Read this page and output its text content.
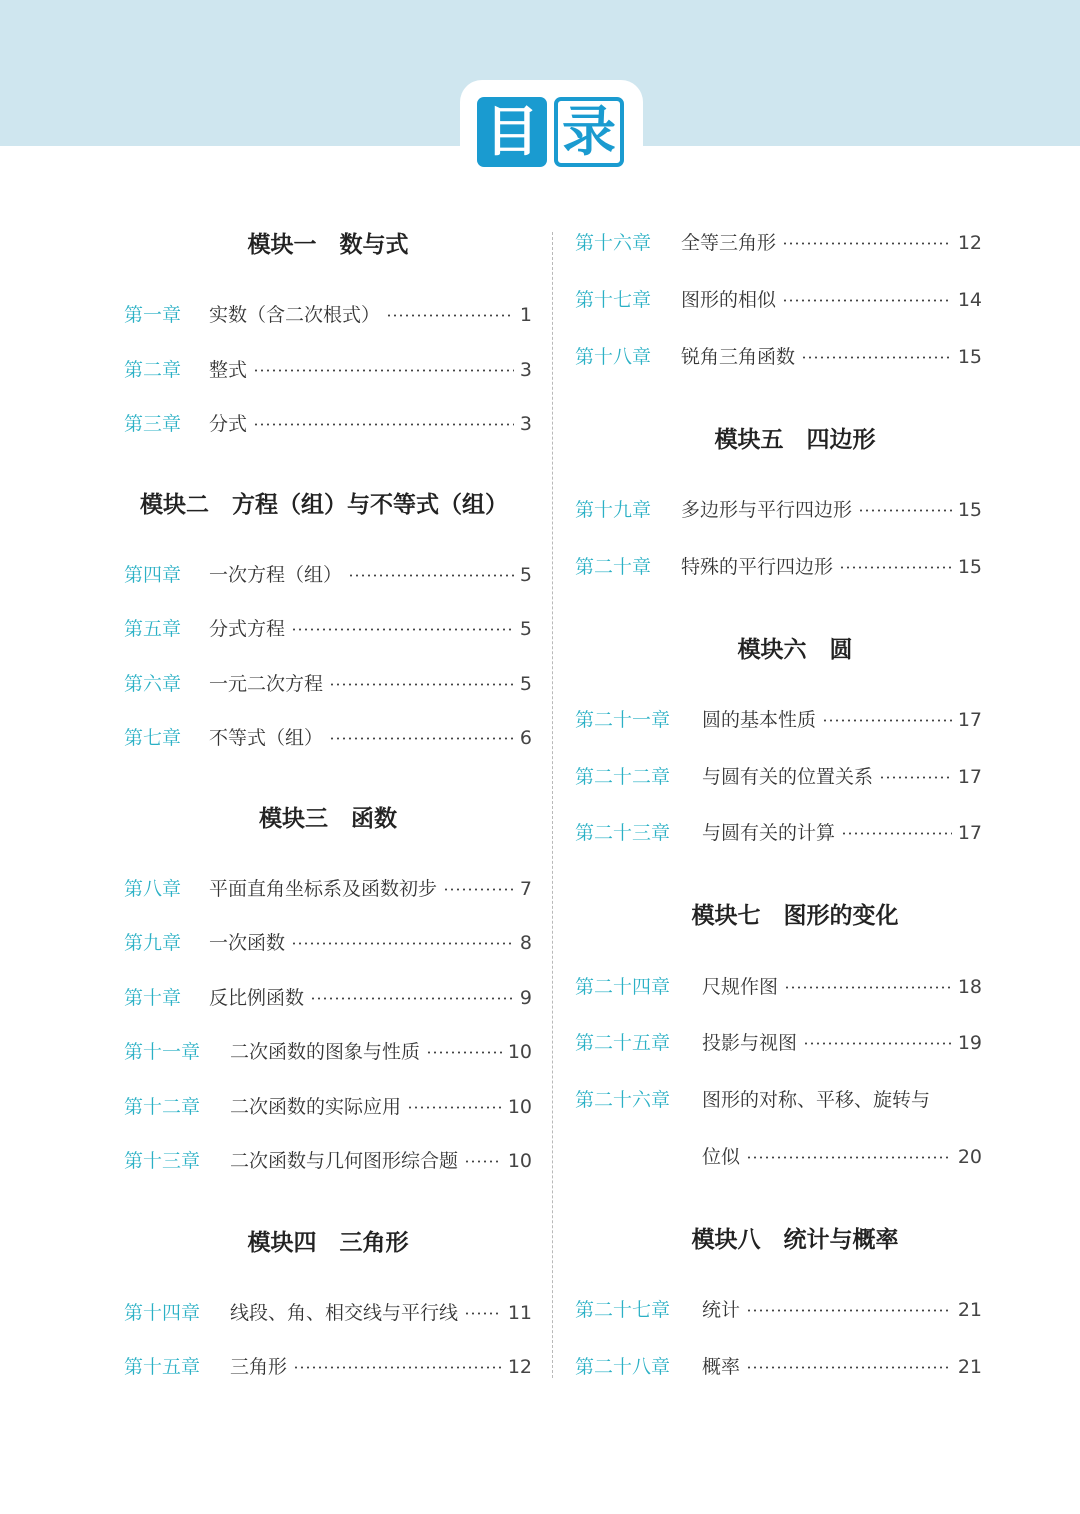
目 录
模块一　数与式
模块二　方程（组）与不等式（组）
模块三　函数
模块四　三角形
第一章	实数（含二次根式）	1
第二章	整式	3
第三章	分式	3
第四章	一次方程（组）	5
第五章	分式方程	5
第六章	一元二次方程	5
第七章	不等式（组）	6
第八章	平面直角坐标系及函数初步	7
第九章	一次函数	8
第十章	反比例函数	9
第十一章	二次函数的图象与性质	10
第十二章	二次函数的实际应用	10
第十三章	二次函数与几何图形综合题	10
第十四章	线段、角、相交线与平行线	11
第十五章	三角形	12
模块五　四边形
模块六　圆
模块七　图形的变化
模块八　统计与概率
第十六章	全等三角形	12
第十七章	图形的相似	14
第十八章	锐角三角函数	15
第十九章	多边形与平行四边形	15
第二十章	特殊的平行四边形	15
第二十一章	圆的基本性质	17
第二十二章	与圆有关的位置关系	17
第二十三章	与圆有关的计算	17
第二十四章	尺规作图	18
第二十五章	投影与视图	19
第二十六章	图形的对称、平移、旋转与
位似	20
第二十七章	统计	21
第二十八章	概率	21
